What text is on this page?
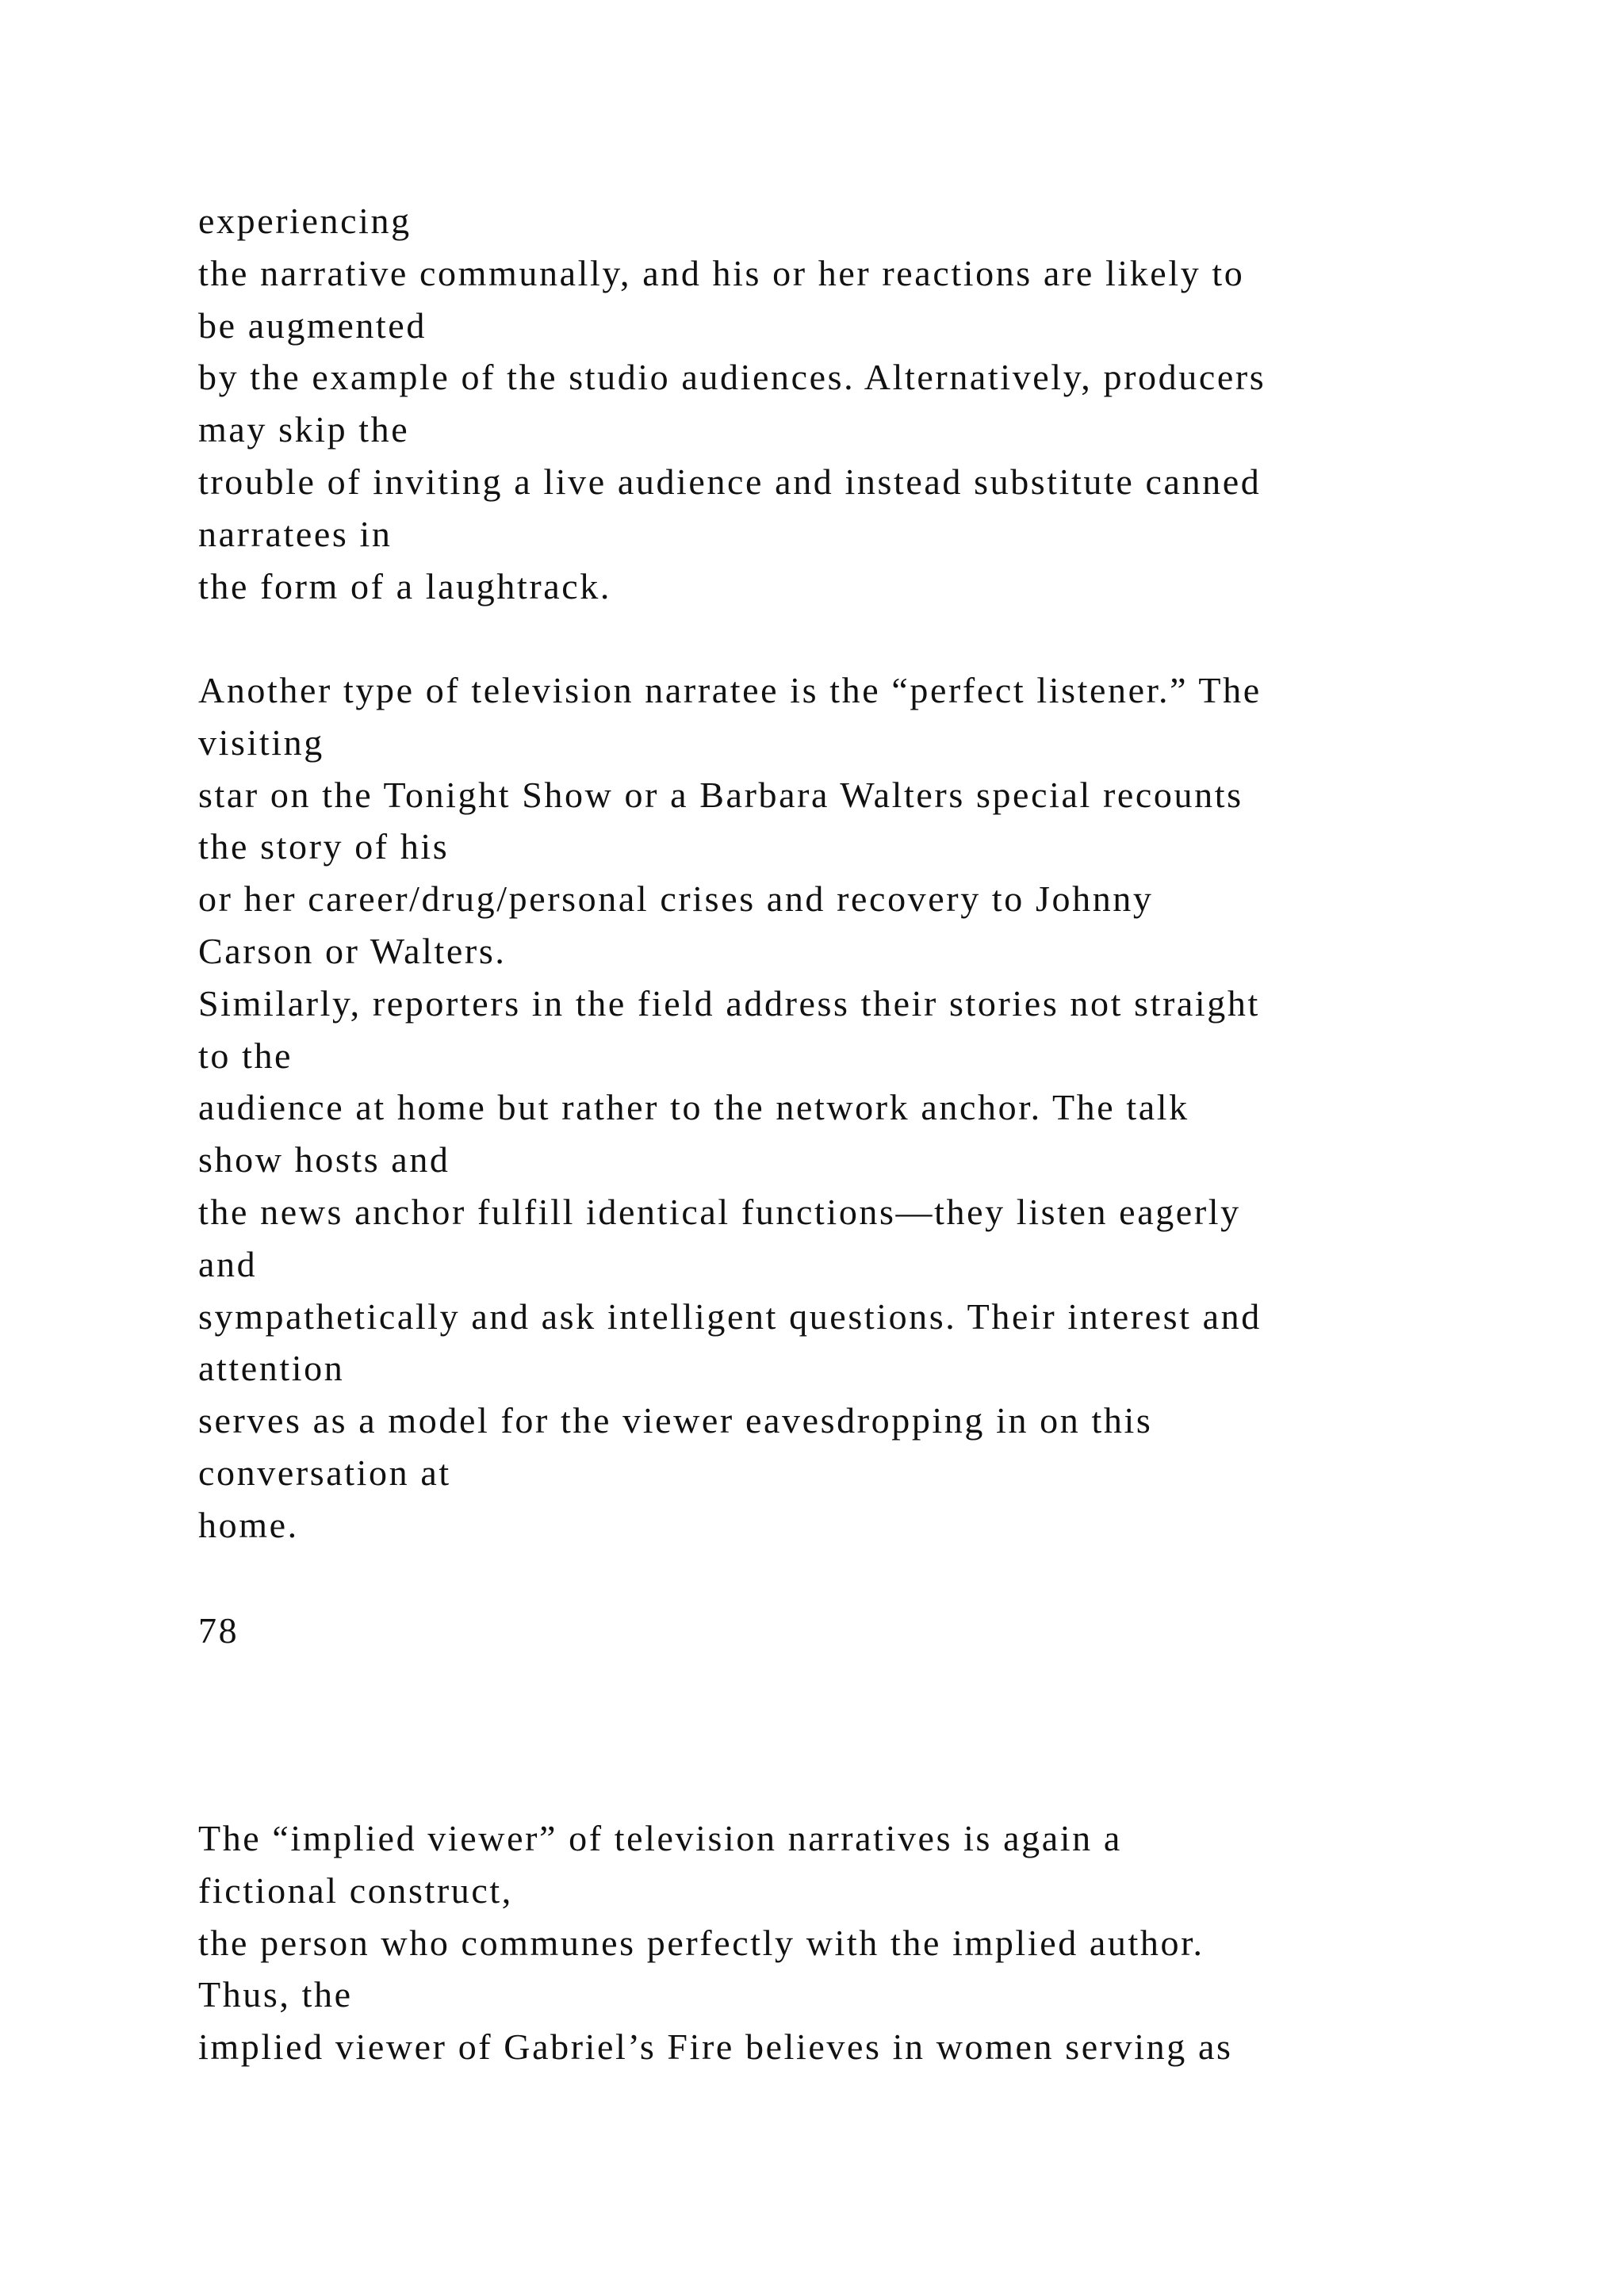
experiencing
the narrative communally, and his or her reactions are likely to
be augmented
by the example of the studio audiences. Alternatively, producers
may skip the
trouble of inviting a live audience and instead substitute canned
narratees in
the form of a laughtrack.
Another type of television narratee is the “perfect listener.” The
visiting
star on the Tonight Show or a Barbara Walters special recounts
the story of his
or her career/drug/personal crises and recovery to Johnny
Carson or Walters.
Similarly, reporters in the field address their stories not straight
to the
audience at home but rather to the network anchor. The talk
show hosts and
the news anchor fulfill identical functions—they listen eagerly
and
sympathetically and ask intelligent questions. Their interest and
attention
serves as a model for the viewer eavesdropping in on this
conversation at
home.
78
The “implied viewer” of television narratives is again a
fictional construct,
the person who communes perfectly with the implied author.
Thus, the
implied viewer of Gabriel’s Fire believes in women serving as
